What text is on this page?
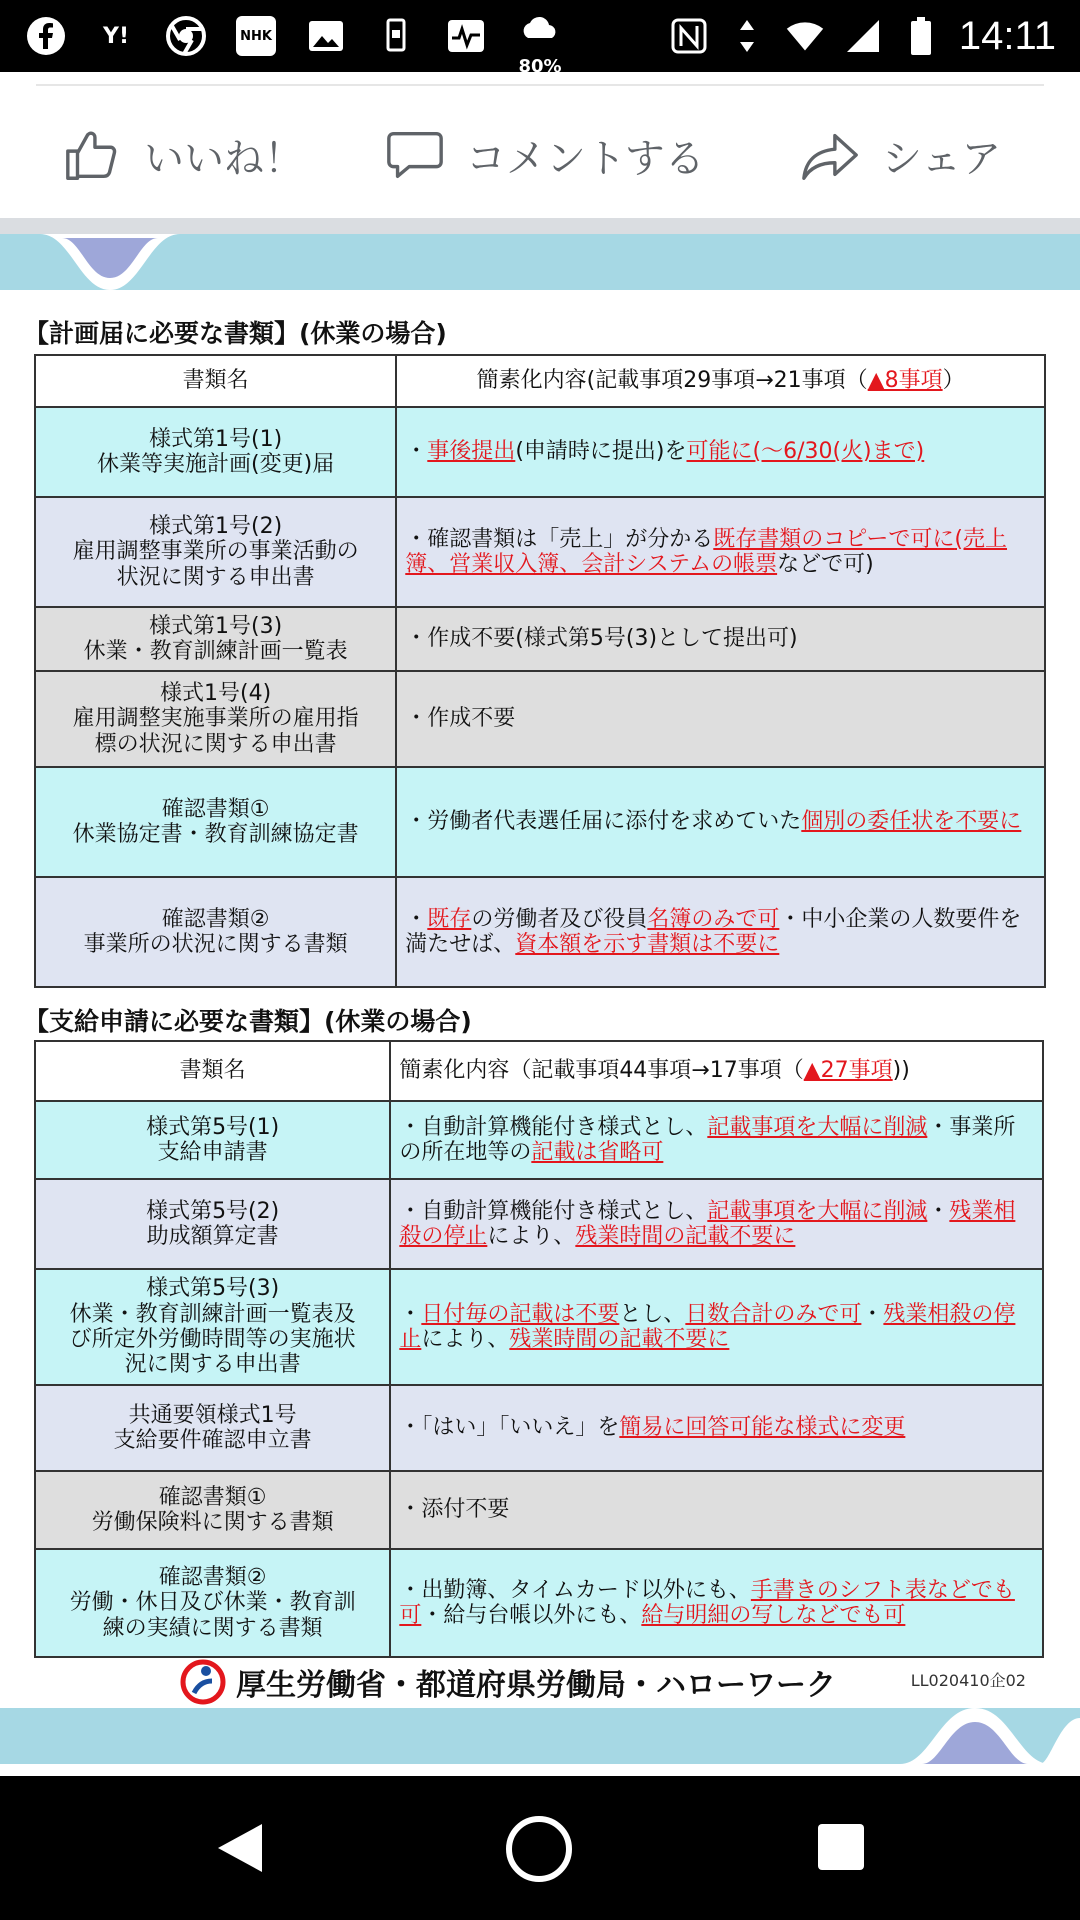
Y!	NHK
80%
14:11
いいね！	コメントする	シェア
【計画届に必要な書類】(休業の場合)
書類名	簡素化内容(記載事項29事項→21事項（▲8事項）

様式第1号(1)
休業等実施計画(変更)届	・事後提出(申請時に提出)を可能に(～6/30(火)まで)

様式第1号(2)
雇用調整事業所の事業活動の
状況に関する申出書	・確認書類は「売上」が分かる既存書類のコピーで可に(売上簿、営業収入簿、会計システムの帳票などで可)

様式第1号(3)
休業・教育訓練計画一覧表	・作成不要(様式第5号(3)として提出可)

様式1号(4)
雇用調整実施事業所の雇用指
標の状況に関する申出書	・作成不要

確認書類①
休業協定書・教育訓練協定書	・労働者代表選任届に添付を求めていた個別の委任状を不要に

確認書類②
事業所の状況に関する書類	・既存の労働者及び役員名簿のみで可・中小企業の人数要件を満たせば、資本額を示す書類は不要に
【支給申請に必要な書類】(休業の場合)
書類名	簡素化内容（記載事項44事項→17事項（▲27事項))

様式第5号(1)
支給申請書	・自動計算機能付き様式とし、記載事項を大幅に削減・事業所の所在地等の記載は省略可

様式第5号(2)
助成額算定書	・自動計算機能付き様式とし、記載事項を大幅に削減・残業相殺の停止により、残業時間の記載不要に

様式第5号(3)
休業・教育訓練計画一覧表及
び所定外労働時間等の実施状
況に関する申出書	・日付毎の記載は不要とし、日数合計のみで可・残業相殺の停止により、残業時間の記載不要に

共通要領様式1号
支給要件確認申立書	・「はい」「いいえ」を簡易に回答可能な様式に変更

確認書類①
労働保険料に関する書類	・添付不要

確認書類②
労働・休日及び休業・教育訓
練の実績に関する書類	・出勤簿、タイムカード以外にも、手書きのシフト表などでも可・給与台帳以外にも、給与明細の写しなどでも可
厚生労働省・都道府県労働局・ハローワーク	LL020410企02
